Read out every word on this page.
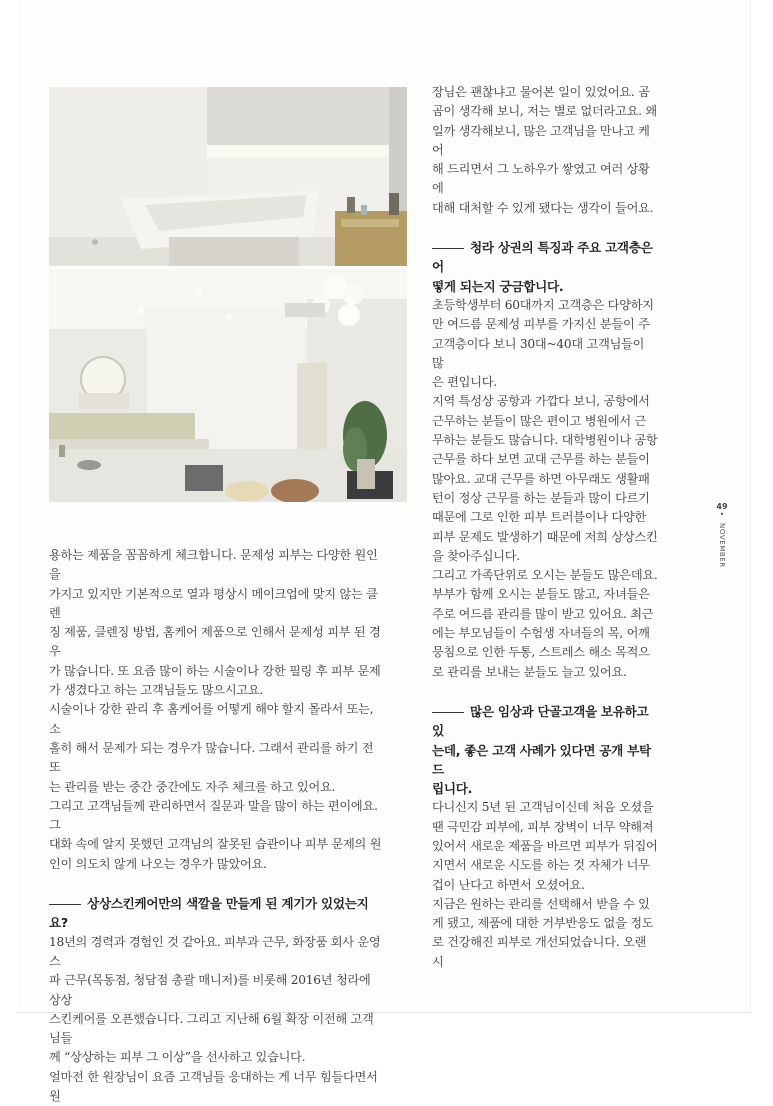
용하는 제품을 꼼꼼하게 체크합니다. 문제성 피부는 다양한 원인을

가지고 있지만 기본적으로 열과 평상시 메이크업에 맞지 않는 클렌

징 제품, 클렌징 방법, 홈케어 제품으로 인해서 문제성 피부 된 경우

가 많습니다. 또 요즘 많이 하는 시술이나 강한 필링 후 피부 문제

가 생겼다고 하는 고객님들도 많으시고요.

시술이나 강한 관리 후 홈케어를 어떻게 해야 할지 몰라서 또는, 소

홀히 해서 문제가 되는 경우가 많습니다. 그래서 관리를 하기 전 또

는 관리를 받는 중간 중간에도 자주 체크를 하고 있어요.

그리고 고객님들께 관리하면서 질문과 말을 많이 하는 편이에요. 그

대화 속에 알지 못했던 고객님의 잘못된 습관이나 피부 문제의 원

인이 의도치 않게 나오는 경우가 많았어요.

상상스킨케어만의 색깔을 만들게 된 계기가 있었는지요?

18년의 경력과 경험인 것 같아요. 피부과 근무, 화장품 회사 운영 스

파 근무(목동점, 청담점 총괄 매니저)를 비롯해 2016년 청라에 상상

스킨케어를 오픈했습니다. 그리고 지난해 6월 확장 이전해 고객님들

께 “상상하는 피부 그 이상”을 선사하고 있습니다.

얼마전 한 원장님이 요즘 고객님들 응대하는 게 너무 힘들다면서 원

장님은 괜찮냐고 물어본 일이 있었어요. 곰

곰이 생각해 보니, 저는 별로 없더라고요. 왜

일까 생각해보니, 많은 고객님을 만나고 케어

해 드리면서 그 노하우가 쌓였고 여러 상황에

대해 대처할 수 있게 됐다는 생각이 들어요.

청라 상권의 특징과 주요 고객층은 어

떻게 되는지 궁금합니다.

초등학생부터 60대까지 고객층은 다양하지

만 여드름 문제성 피부를 가지신 분들이 주

고객층이다 보니 30대~40대 고객님들이 많

은 편입니다.

지역 특성상 공항과 가깝다 보니, 공항에서

근무하는 분들이 많은 편이고 병원에서 근

무하는 분들도 많습니다. 대학병원이나 공항

근무를 하다 보면 교대 근무를 하는 분들이

많아요. 교대 근무를 하면 아무래도 생활패

턴이 정상 근무를 하는 분들과 많이 다르기

때문에 그로 인한 피부 트러블이나 다양한

피부 문제도 발생하기 때문에 저희 상상스킨

을 찾아주십니다.

그리고 가족단위로 오시는 분들도 많은데요.

부부가 함께 오시는 분들도 많고, 자녀들은

주로 여드름 관리를 많이 받고 있어요. 최근

에는 부모님들이 수험생 자녀들의 목, 어깨

뭉침으로 인한 두통, 스트레스 해소 목적으

로 관리를 보내는 분들도 늘고 있어요.

많은 임상과 단골고객을 보유하고 있

는데, 좋은 고객 사례가 있다면 공개 부탁드

립니다.

다니신지 5년 된 고객님이신데 처음 오셨을

땐 극민감 피부에, 피부 장벽이 너무 약해져

있어서 새로운 제품을 바르면 피부가 뒤집어

지면서 새로운 시도를 하는 것 자체가 너무

겁이 난다고 하면서 오셨어요.

지금은 원하는 관리를 선택해서 받을 수 있

게 됐고, 제품에 대한 거부반응도 없을 정도

로 건강해진 피부로 개선되었습니다. 오랜 시

49
•
NOVEMBER
